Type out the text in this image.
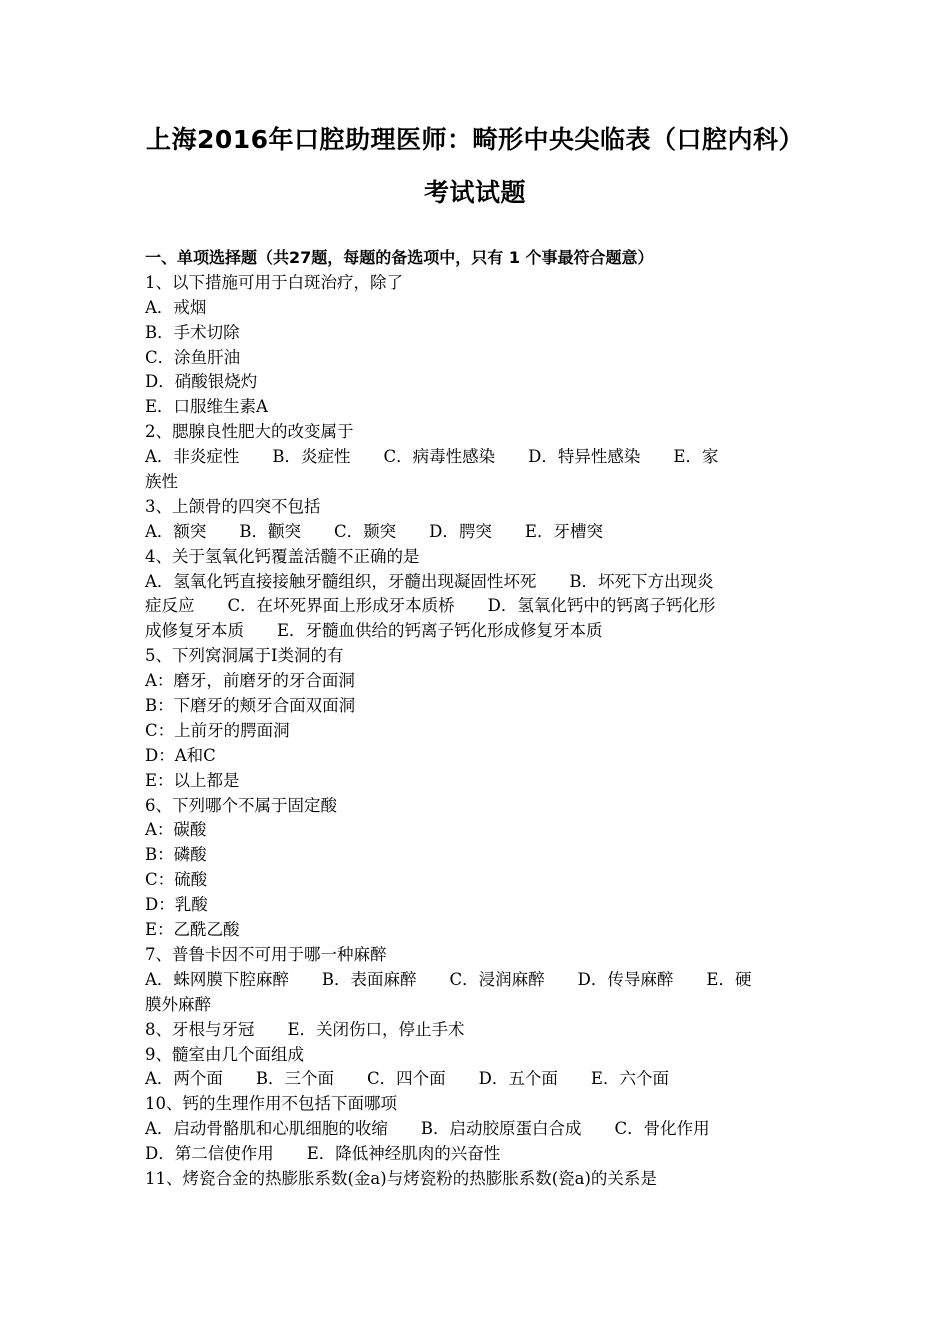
上海2016年口腔助理医师：畸形中央尖临表（口腔内科）
考试试题
一、单项选择题（共27题，每题的备选项中，只有 1 个事最符合题意）
1、以下措施可用于白斑治疗，除了
A．戒烟
B．手术切除
C．涂鱼肝油
D．硝酸银烧灼
E．口服维生素A
2、腮腺良性肥大的改变属于
A．非炎症性　　B．炎症性　　C．病毒性感染　　D．特异性感染　　E．家
族性
3、上颌骨的四突不包括
A．额突　　B．颧突　　C．颞突　　D．腭突　　E．牙槽突
4、关于氢氧化钙覆盖活髓不正确的是
A．氢氧化钙直接接触牙髓组织，牙髓出现凝固性坏死　　B．坏死下方出现炎
症反应　　C．在坏死界面上形成牙本质桥　　D．氢氧化钙中的钙离子钙化形
成修复牙本质　　E．牙髓血供给的钙离子钙化形成修复牙本质
5、下列窝洞属于I类洞的有
A：磨牙，前磨牙的牙合面洞
B：下磨牙的颊牙合面双面洞
C：上前牙的腭面洞
D：A和C
E：以上都是
6、下列哪个不属于固定酸
A：碳酸
B：磷酸
C：硫酸
D：乳酸
E：乙酰乙酸
7、普鲁卡因不可用于哪一种麻醉
A．蛛网膜下腔麻醉　　B．表面麻醉　　C．浸润麻醉　　D．传导麻醉　　E．硬
膜外麻醉
8、牙根与牙冠　　E．关闭伤口，停止手术
9、髓室由几个面组成
A．两个面　　B．三个面　　C．四个面　　D．五个面　　E．六个面
10、钙的生理作用不包括下面哪项
A．启动骨骼肌和心肌细胞的收缩　　B．启动胶原蛋白合成　　C．骨化作用
D．第二信使作用　　E．降低神经肌肉的兴奋性
11、烤瓷合金的热膨胀系数(金a)与烤瓷粉的热膨胀系数(瓷a)的关系是
